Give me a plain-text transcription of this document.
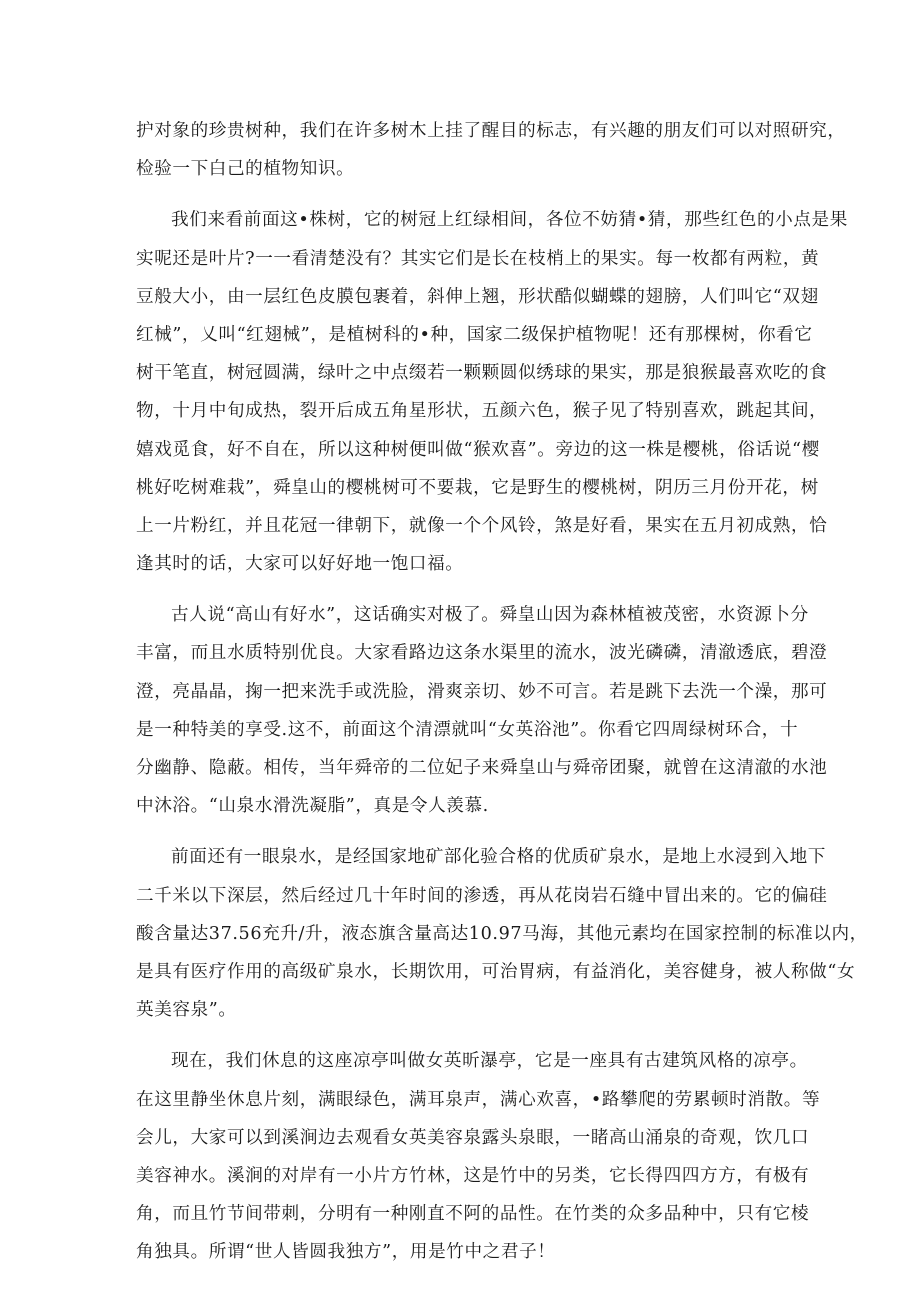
护对象的珍贵树种，我们在许多树木上挂了醒目的标志，有兴趣的朋友们可以对照研究，
检验一下白己的植物知识。
我们来看前面这•株树，它的树冠上红绿相间，各位不妨猜•猜，那些红色的小点是果
实呢还是叶片?一一看清楚没有？其实它们是长在枝梢上的果实。每一枚都有两粒，黄
豆般大小，由一层红色皮膜包裹着，斜伸上翘，形状酷似蝴蝶的翅膀，人们叫它“双翅
红械”，乂叫“红翅械”，是植树科的•种，国家二级保护植物呢！还有那棵树，你看它
树干笔直，树冠圆满，绿叶之中点缀若一颗颗圆似绣球的果实，那是狼猴最喜欢吃的食
物，十月中旬成热，裂开后成五角星形状，五颜六色，猴子见了特别喜欢，跳起其间，
嬉戏觅食，好不自在，所以这种树便叫做“猴欢喜”。旁边的这一株是樱桃，俗话说“樱
桃好吃树难栽”，舜皇山的樱桃树可不要栽，它是野生的樱桃树，阴历三月份开花，树
上一片粉红，并且花冠一律朝下，就像一个个风铃，煞是好看，果实在五月初成熟，恰
逢其时的话，大家可以好好地一饱口福。
古人说“高山有好水”，这话确实对极了。舜皇山因为森林植被茂密，水资源卜分
丰富，而且水质特别优良。大家看路边这条水渠里的流水，波光磷磷，清澈透底，碧澄
澄，亮晶晶，掬一把来洗手或洗脸，滑爽亲切、妙不可言。若是跳下去洗一个澡，那可
是一种特美的享受.这不，前面这个清漂就叫“女英浴池”。你看它四周绿树环合，十
分幽静、隐蔽。相传，当年舜帝的二位妃子来舜皇山与舜帝团聚，就曾在这清澈的水池
中沐浴。“山泉水滑洗凝脂”，真是令人羡慕.
前面还有一眼泉水，是经国家地矿部化验合格的优质矿泉水，是地上水浸到入地下
二千米以下深层，然后经过几十年时间的渗透，再从花岗岩石缝中冒出来的。它的偏硅
酸含量达37.56充升/升，液态旗含量高达10.97马海，其他元素均在国家控制的标准以内，
是具有医疗作用的高级矿泉水，长期饮用，可治胃病，有益消化，美容健身，被人称做“女
英美容泉”。
现在，我们休息的这座凉亭叫做女英昕瀑亭，它是一座具有古建筑风格的凉亭。
在这里静坐休息片刻，满眼绿色，满耳泉声，满心欢喜，•路攀爬的劳累顿时消散。等
会儿，大家可以到溪涧边去观看女英美容泉露头泉眼，一睹高山涌泉的奇观，饮几口
美容神水。溪涧的对岸有一小片方竹林，这是竹中的另类，它长得四四方方，有极有
角，而且竹节间带刺，分明有一种刚直不阿的品性。在竹类的众多品种中，只有它棱
角独具。所谓“世人皆圆我独方”，用是竹中之君子！
